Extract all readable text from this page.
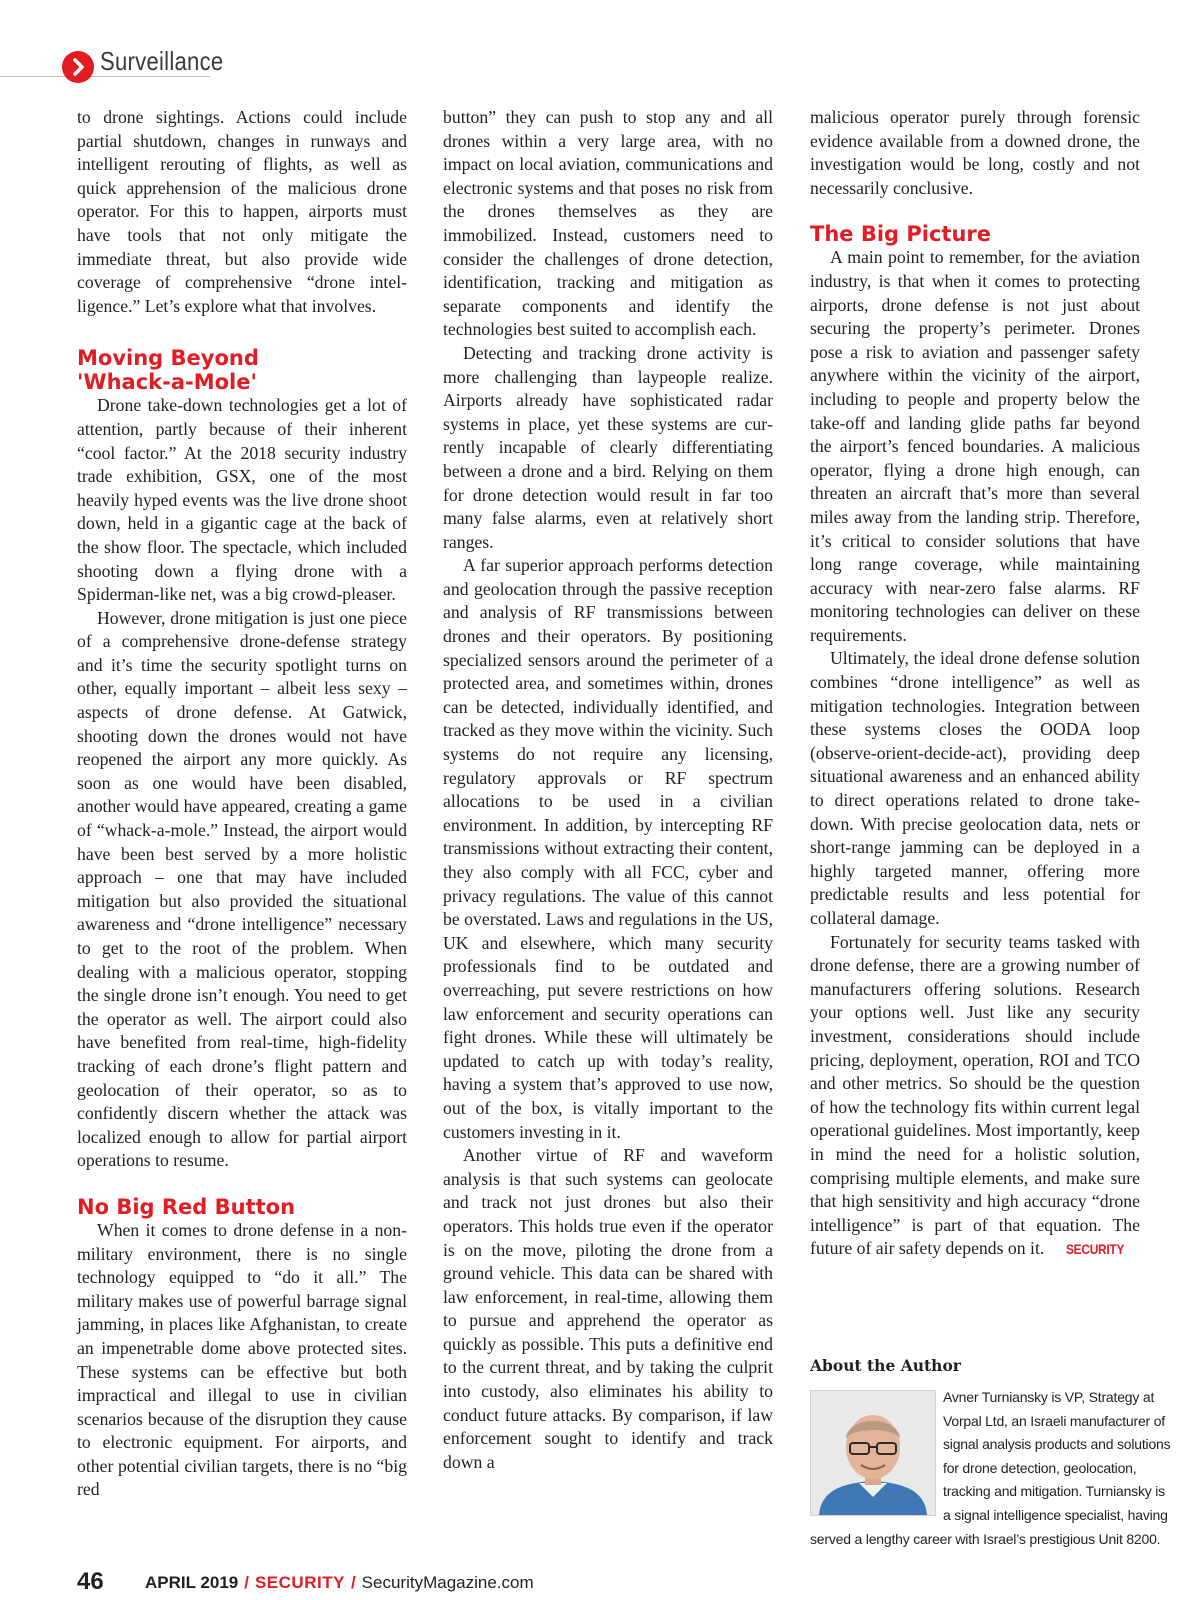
Surveillance

to drone sightings. Actions could include partial shutdown, changes in runways and intelligent rerouting of flights, as well as quick apprehension of the malicious drone operator. For this to happen, airports must have tools that not only mitigate the immediate threat, but also provide wide coverage of comprehensive “drone intelligence.” Let’s explore what that involves.

Moving Beyond
'Whack-a-Mole'

Drone take-down technologies get a lot of attention, partly because of their inherent “cool factor.” At the 2018 security industry trade exhibition, GSX, one of the most heavily hyped events was the live drone shoot down, held in a gigantic cage at the back of the show floor. The spectacle, which included shooting down a flying drone with a Spiderman-like net, was a big crowd-pleaser.

However, drone mitigation is just one piece of a comprehensive drone-defense strategy and it’s time the security spotlight turns on other, equally important – albeit less sexy – aspects of drone defense. At Gatwick, shooting down the drones would not have reopened the airport any more quickly. As soon as one would have been disabled, another would have appeared, creating a game of “whack-a-mole.” Instead, the airport would have been best served by a more holistic approach – one that may have included mitigation but also provided the situational awareness and “drone intelligence” necessary to get to the root of the problem. When dealing with a malicious operator, stopping the single drone isn’t enough. You need to get the operator as well. The airport could also have benefited from real-time, high-fidelity tracking of each drone’s flight pattern and geolocation of their operator, so as to confidently discern whether the attack was localized enough to allow for partial airport operations to resume.

No Big Red Button

When it comes to drone defense in a non-military environment, there is no single technology equipped to “do it all.” The military makes use of powerful barrage signal jamming, in places like Afghanistan, to create an impenetrable dome above protected sites. These systems can be effective but both impractical and illegal to use in civilian scenarios because of the disruption they cause to electronic equipment. For airports, and other potential civilian targets, there is no “big red

button” they can push to stop any and all drones within a very large area, with no impact on local aviation, communications and electronic systems and that poses no risk from the drones themselves as they are immobilized. Instead, customers need to consider the challenges of drone detection, identification, tracking and mitigation as separate components and identify the technologies best suited to accomplish each.

Detecting and tracking drone activity is more challenging than laypeople realize. Airports already have sophisticated radar systems in place, yet these systems are currently incapable of clearly differentiating between a drone and a bird. Relying on them for drone detection would result in far too many false alarms, even at relatively short ranges.

A far superior approach performs detection and geolocation through the passive reception and analysis of RF transmissions between drones and their operators. By positioning specialized sensors around the perimeter of a protected area, and sometimes within, drones can be detected, individually identified, and tracked as they move within the vicinity. Such systems do not require any licensing, regulatory approvals or RF spectrum allocations to be used in a civilian environment. In addition, by intercepting RF transmissions without extracting their content, they also comply with all FCC, cyber and privacy regulations. The value of this cannot be overstated. Laws and regulations in the US, UK and elsewhere, which many security professionals find to be outdated and overreaching, put severe restrictions on how law enforcement and security operations can fight drones. While these will ultimately be updated to catch up with today’s reality, having a system that’s approved to use now, out of the box, is vitally important to the customers investing in it.

Another virtue of RF and waveform analysis is that such systems can geolocate and track not just drones but also their operators. This holds true even if the operator is on the move, piloting the drone from a ground vehicle. This data can be shared with law enforcement, in real-time, allowing them to pursue and apprehend the operator as quickly as possible. This puts a definitive end to the current threat, and by taking the culprit into custody, also eliminates his ability to conduct future attacks. By comparison, if law enforcement sought to identify and track down a

malicious operator purely through forensic evidence available from a downed drone, the investigation would be long, costly and not necessarily conclusive.

The Big Picture

A main point to remember, for the aviation industry, is that when it comes to protecting airports, drone defense is not just about securing the property’s perimeter. Drones pose a risk to aviation and passenger safety anywhere within the vicinity of the airport, including to people and property below the take-off and landing glide paths far beyond the airport’s fenced boundaries. A malicious operator, flying a drone high enough, can threaten an aircraft that’s more than several miles away from the landing strip. Therefore, it’s critical to consider solutions that have long range coverage, while maintaining accuracy with near-zero false alarms. RF monitoring technologies can deliver on these requirements.

Ultimately, the ideal drone defense solution combines “drone intelligence” as well as mitigation technologies. Integration between these systems closes the OODA loop (observe-orient-decide-act), providing deep situational awareness and an enhanced ability to direct operations related to drone take-down. With precise geolocation data, nets or short-range jamming can be deployed in a highly targeted manner, offering more predictable results and less potential for collateral damage.

Fortunately for security teams tasked with drone defense, there are a growing number of manufacturers offering solutions. Research your options well. Just like any security investment, considerations should include pricing, deployment, operation, ROI and TCO and other metrics. So should be the question of how the technology fits within current legal operational guidelines. Most importantly, keep in mind the need for a holistic solution, comprising multiple elements, and make sure that high sensitivity and high accuracy “drone intelligence” is part of that equation. The future of air safety depends on it. SECURITY

About the Author
Avner Turniansky is VP, Strategy at
Vorpal Ltd, an Israeli manufacturer of
signal analysis products and solutions
for drone detection, geolocation,
tracking and mitigation. Turniansky is
a signal intelligence specialist, having
served a lengthy career with Israel’s prestigious Unit 8200.
46 APRIL 2019 / SECURITY / SecurityMagazine.com
